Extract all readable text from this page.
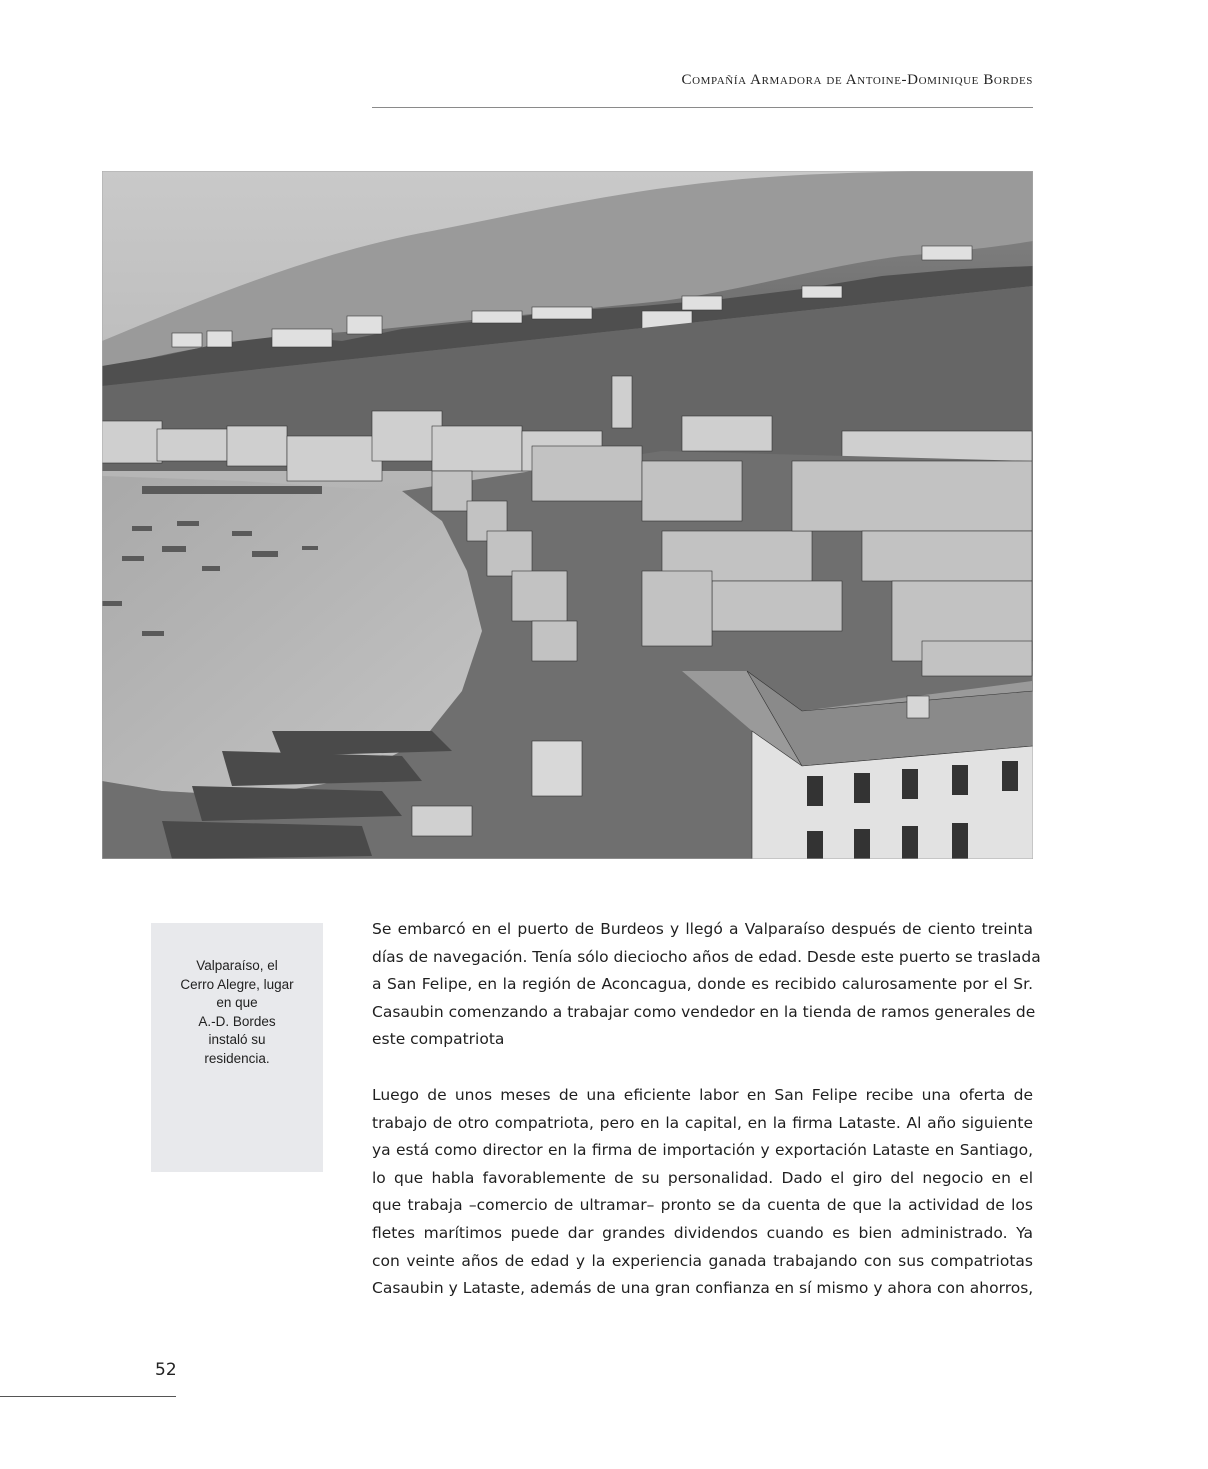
Compañía Armadora de Antoine-Dominique Bordes
Valparaíso, el
Cerro Alegre, lugar
en que
A.-D. Bordes
instaló su
residencia.
Se embarcó en el puerto de Burdeos y llegó a Valparaíso después de ciento treinta
días de navegación. Tenía sólo dieciocho años de edad. Desde este puerto se traslada
a San Felipe, en la región de Aconcagua, donde es recibido calurosamente por el Sr.
Casaubin comenzando a trabajar como vendedor en la tienda de ramos generales de
este compatriota
Luego de unos meses de una eficiente labor en San Felipe recibe una oferta de
trabajo de otro compatriota, pero en la capital, en la firma Lataste. Al año siguiente
ya está como director en la firma de importación y exportación Lataste en Santiago,
lo que habla favorablemente de su personalidad. Dado el giro del negocio en el
que trabaja –comercio de ultramar– pronto se da cuenta de que la actividad de los
fletes marítimos puede dar grandes dividendos cuando es bien administrado. Ya
con veinte años de edad y la experiencia ganada trabajando con sus compatriotas
Casaubin y Lataste, además de una gran confianza en sí mismo y ahora con ahorros,
52
